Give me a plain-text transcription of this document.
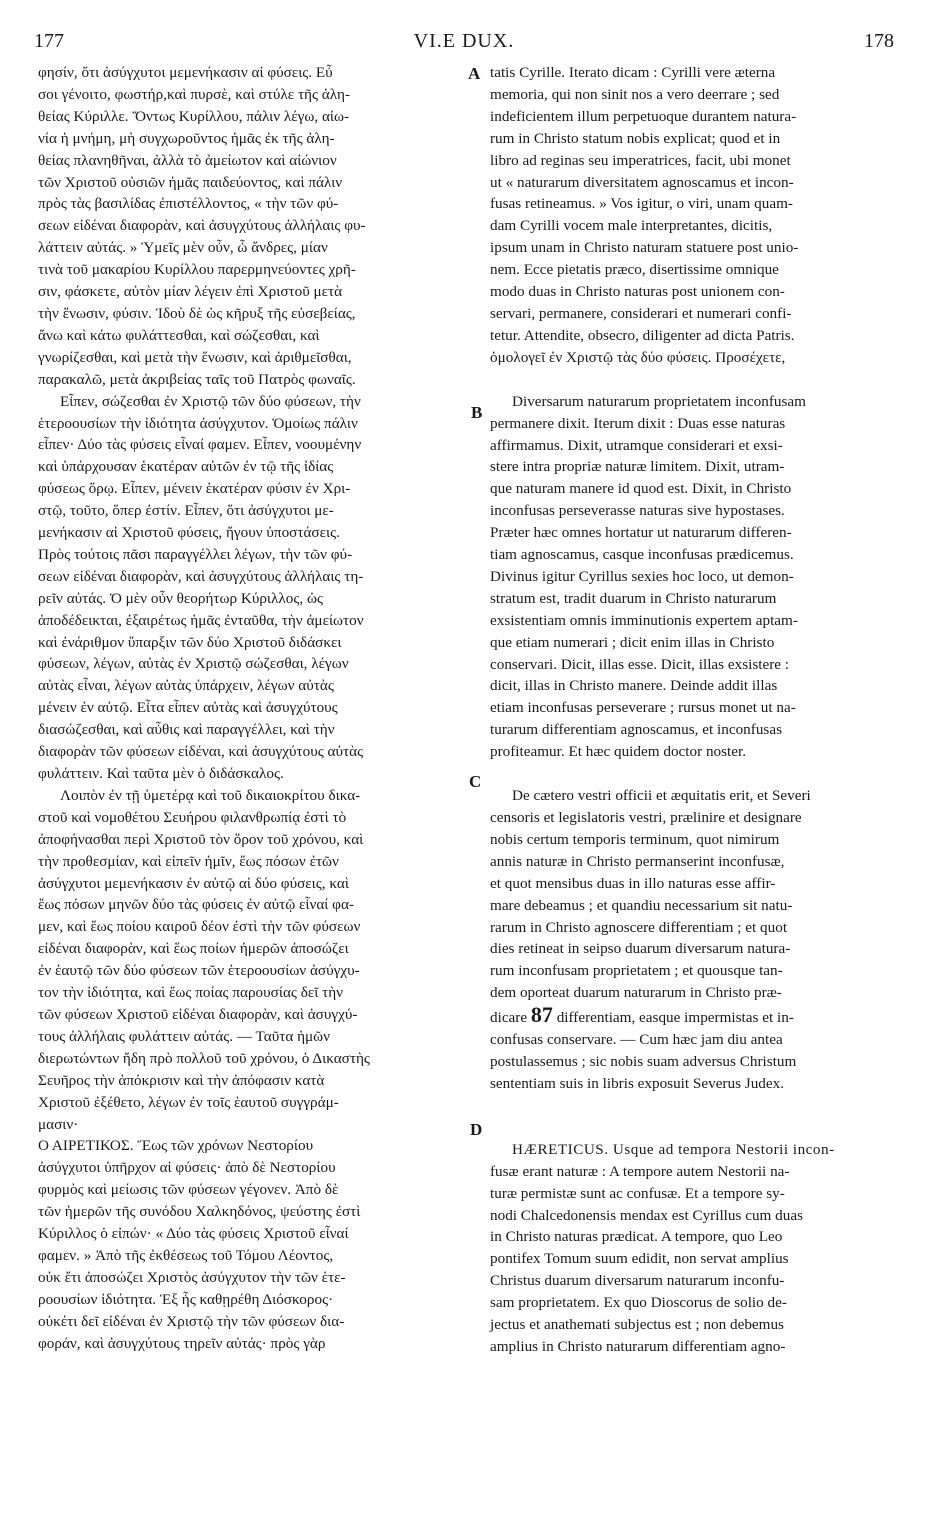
177	VI.E DUX.	178
A
B
C
D

φησίν, ὅτι ἀσύγχυτοι μεμενήκασιν αἱ φύσεις. Εὖ

σοι γένοιτο, φωστήρ,καὶ πυρσὲ, καὶ στύλε τῆς ἀλη-

θείας Κύριλλε. Ὄντως Κυρίλλου, πάλιν λέγω, αἰω-

νία ἡ μνήμη, μὴ συγχωροῦντος ἡμᾶς ἐκ τῆς ἀλη-

θείας πλανηθῆναι, ἀλλὰ τὸ ἀμείωτον καὶ αἰώνιον

τῶν Χριστοῦ οὐσιῶν ἡμᾶς παιδεύοντος, καὶ πάλιν

πρὸς τὰς βασιλίδας ἐπιστέλλοντος, « τὴν τῶν φύ-

σεων εἰδέναι διαφορὰν, καὶ ἀσυγχύτους ἀλλήλαις φυ-

λάττειν αὐτάς. » Ὑμεῖς μὲν οὖν, ὦ ἄνδρες, μίαν

τινὰ τοῦ μακαρίου Κυρίλλου παρερμηνεύοντες χρῆ-

σιν, φάσκετε, αὐτὸν μίαν λέγειν ἐπὶ Χριστοῦ μετὰ

τὴν ἕνωσιν, φύσιν. Ἰδοὺ δὲ ὡς κῆρυξ τῆς εὐσεβείας,

ἄνω καὶ κάτω φυλάττεσθαι, καὶ σώζεσθαι, καὶ

γνωρίζεσθαι, καὶ μετὰ τὴν ἕνωσιν, καὶ ἀριθμεῖσθαι,

παρακαλῶ, μετὰ ἀκριβείας ταῖς τοῦ Πατρὸς φωναῖς.

Εἶπεν, σώζεσθαι ἐν Χριστῷ τῶν δύο φύσεων, τὴν

ἑτεροουσίων τὴν ἰδιότητα ἀσύγχυτον. Ὁμοίως πάλιν

εἶπεν· Δύο τὰς φύσεις εἶναί φαμεν. Εἶπεν, νοουμένην

καὶ ὑπάρχουσαν ἑκατέραν αὐτῶν ἐν τῷ τῆς ἰδίας

φύσεως ὅρῳ. Εἶπεν, μένειν ἑκατέραν φύσιν ἐν Χρι-

στῷ, τοῦτο, ὅπερ ἐστίν. Εἶπεν, ὅτι ἀσύγχυτοι με-

μενήκασιν αἱ Χριστοῦ φύσεις, ἤγουν ὑποστάσεις.

Πρὸς τούτοις πᾶσι παραγγέλλει λέγων, τὴν τῶν φύ-

σεων εἰδέναι διαφορὰν, καὶ ἀσυγχύτους ἀλλήλαις τη-

ρεῖν αὐτάς. Ὁ μὲν οὖν θεορήτωρ Κύριλλος, ὡς

ἀποδέδεικται, ἐξαιρέτως ἡμᾶς ἐνταῦθα, τὴν ἀμείωτον

καὶ ἐνάριθμον ὕπαρξιν τῶν δύο Χριστοῦ διδάσκει

φύσεων, λέγων, αὐτὰς ἐν Χριστῷ σώζεσθαι, λέγων

αὐτὰς εἶναι, λέγων αὐτὰς ὑπάρχειν, λέγων αὐτὰς

μένειν ἐν αὐτῷ. Εἶτα εἶπεν αὐτὰς καὶ ἀσυγχύτους

διασώζεσθαι, καὶ αὖθις καὶ παραγγέλλει, καὶ τὴν

διαφορὰν τῶν φύσεων εἰδέναι, καὶ ἀσυγχύτους αὐτὰς

φυλάττειν. Καὶ ταῦτα μὲν ὁ διδάσκαλος.

Λοιπὸν ἐν τῇ ὑμετέρᾳ καὶ τοῦ δικαιοκρίτου δικα-

στοῦ καὶ νομοθέτου Σευήρου φιλανθρωπίᾳ ἐστὶ τὸ

ἀποφήνασθαι περὶ Χριστοῦ τὸν ὅρον τοῦ χρόνου, καὶ

τὴν προθεσμίαν, καὶ εἰπεῖν ἡμῖν, ἕως πόσων ἐτῶν

ἀσύγχυτοι μεμενήκασιν ἐν αὐτῷ αἱ δύο φύσεις, καὶ

ἕως πόσων μηνῶν δύο τὰς φύσεις ἐν αὐτῷ εἶναί φα-

μεν, καὶ ἕως ποίου καιροῦ δέον ἐστὶ τὴν τῶν φύσεων

εἰδέναι διαφορὰν, καὶ ἕως ποίων ἡμερῶν ἀποσώζει

ἐν ἑαυτῷ τῶν δύο φύσεων τῶν ἑτεροουσίων ἀσύγχυ-

τον τὴν ἰδιότητα, καὶ ἕως ποίας παρουσίας δεῖ τὴν

τῶν φύσεων Χριστοῦ εἰδέναι διαφορὰν, καὶ ἀσυγχύ-

τους ἀλλήλαις φυλάττειν αὐτάς. — Ταῦτα ἡμῶν

διερωτώντων ἤδη πρὸ πολλοῦ τοῦ χρόνου, ὁ Δικαστὴς

Σευῆρος τὴν ἀπόκρισιν καὶ τὴν ἀπόφασιν κατὰ

Χριστοῦ ἐξέθετο, λέγων ἐν τοῖς ἑαυτοῦ συγγράμ-

μασιν·

Ο ΑΙΡΕΤΙΚΟΣ. Ἕως τῶν χρόνων Νεστορίου

ἀσύγχυτοι ὑπῆρχον αἱ φύσεις· ἀπὸ δὲ Νεστορίου

φυρμὸς καὶ μείωσις τῶν φύσεων γέγονεν. Ἀπὸ δὲ

τῶν ἡμερῶν τῆς συνόδου Χαλκηδόνος, ψεύστης ἐστὶ

Κύριλλος ὁ εἰπών· « Δύο τὰς φύσεις Χριστοῦ εἶναί

φαμεν. » Ἀπὸ τῆς ἐκθέσεως τοῦ Τόμου Λέοντος,

οὐκ ἔτι ἀποσώζει Χριστὸς ἀσύγχυτον τὴν τῶν ἑτε-

ροουσίων ἰδιότητα. Ἐξ ἧς καθῃρέθη Διόσκορος·

οὐκέτι δεῖ εἰδέναι ἐν Χριστῷ τὴν τῶν φύσεων δια-

φοράν, καὶ ἀσυγχύτους τηρεῖν αὐτάς· πρὸς γὰρ

tatis Cyrille. Iterato dicam : Cyrilli vere æterna

memoria, qui non sinit nos a vero deerrare ; sed

indeficientem illum perpetuoque durantem natura-

rum in Christo statum nobis explicat; quod et in

libro ad reginas seu imperatrices, facit, ubi monet

ut « naturarum diversitatem agnoscamus et incon-

fusas retineamus. » Vos igitur, o viri, unam quam-

dam Cyrilli vocem male interpretantes, dicitis,

ipsum unam in Christo naturam statuere post unio-

nem. Ecce pietatis præco, disertissime omnique

modo duas in Christo naturas post unionem con-

servari, permanere, considerari et numerari confi-

tetur. Attendite, obsecro, diligenter ad dicta Patris.

ὁμολογεῖ ἐν Χριστῷ τὰς δύο φύσεις. Προσέχετε,

Diversarum naturarum proprietatem inconfusam

permanere dixit. Iterum dixit : Duas esse naturas

affirmamus. Dixit, utramque considerari et exsi-

stere intra propriæ naturæ limitem. Dixit, utram-

que naturam manere id quod est. Dixit, in Christo

inconfusas perseverasse naturas sive hypostases.

Præter hæc omnes hortatur ut naturarum differen-

tiam agnoscamus, casque inconfusas prædicemus.

Divinus igitur Cyrillus sexies hoc loco, ut demon-

stratum est, tradit duarum in Christo naturarum

exsistentiam omnis imminutionis expertem aptam-

que etiam numerari ; dicit enim illas in Christo

conservari. Dicit, illas esse. Dicit, illas exsistere :

dicit, illas in Christo manere. Deinde addit illas

etiam inconfusas perseverare ; rursus monet ut na-

turarum differentiam agnoscamus, et inconfusas

profiteamur. Et hæc quidem doctor noster.

De cætero vestri officii et æquitatis erit, et Severi

censoris et legislatoris vestri, prælinire et designare

nobis certum temporis terminum, quot nimirum

annis naturæ in Christo permanserint inconfusæ,

et quot mensibus duas in illo naturas esse affir-

mare debeamus ; et quandiu necessarium sit natu-

rarum in Christo agnoscere differentiam ; et quot

dies retineat in seipso duarum diversarum natura-

rum inconfusam proprietatem ; et quousque tan-

dem oporteat duarum naturarum in Christo præ-

dicare 87 differentiam, easque impermistas et in-

confusas conservare. — Cum hæc jam diu antea

postulassemus ; sic nobis suam adversus Christum

sententiam suis in libris exposuit Severus Judex.

HÆRETICUS. Usque ad tempora Nestorii incon-

fusæ erant naturæ : A tempore autem Nestorii na-

turæ permistæ sunt ac confusæ. Et a tempore sy-

nodi Chalcedonensis mendax est Cyrillus cum duas

in Christo naturas prædicat. A tempore, quo Leo

pontifex Tomum suum edidit, non servat amplius

Christus duarum diversarum naturarum inconfu-

sam proprietatem. Ex quo Dioscorus de solio de-

jectus et anathemati subjectus est ; non debemus

amplius in Christo naturarum differentiam agno-
